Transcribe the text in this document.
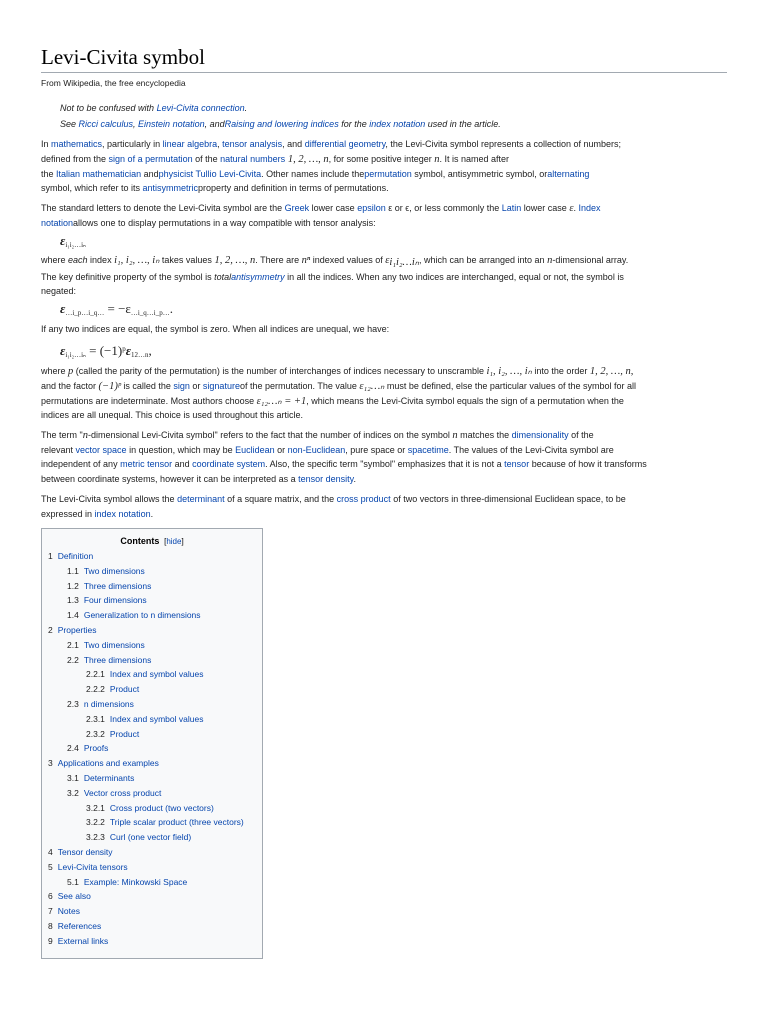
Levi-Civita symbol
From Wikipedia, the free encyclopedia
Not to be confused with Levi-Civita connection.
See Ricci calculus, Einstein notation, andRaising and lowering indices for the index notation used in the article.
In mathematics, particularly in linear algebra, tensor analysis, and differential geometry, the Levi-Civita symbol represents a collection of numbers;
defined from the sign of a permutation of the natural numbers 1, 2, …, n, for some positive integer n. It is named after
the Italian mathematician andphysicist Tullio Levi-Civita. Other names include thepermutation symbol, antisymmetric symbol, oralternating
symbol, which refer to its antisymmetricproperty and definition in terms of permutations.
The standard letters to denote the Levi-Civita symbol are the Greek lower case epsilon ε or ϵ, or less commonly the Latin lower case ε. Index
notationallows one to display permutations in a way compatible with tensor analysis:
$\varepsilon_{i_1i_2\dots i_n}$
where each index i₁, i₂, …, iₙ takes values 1, 2, …, n. There are nⁿ indexed values of $\varepsilon_{i_1i_2\dots i_n}$, which can be arranged into an n-dimensional array.
The key definitive property of the symbol is totalantisymmetry in all the indices. When any two indices are interchanged, equal or not, the symbol is
negated:
$\varepsilon_{\dots i\_p\dots i\_q\dots} = -\varepsilon_{\dots i\_q\dots i\_p\dots}$.
If any two indices are equal, the symbol is zero. When all indices are unequal, we have:
$\varepsilon_{i_1i_2\dots i_n} = (-1)^p\varepsilon_{12\dots n}$,
where p (called the parity of the permutation) is the number of interchanges of indices necessary to unscramble i₁, i₂, …, iₙ into the order 1, 2, …, n,
and the factor (−1)ᵖ is called the sign or signatureof the permutation. The value ε₁₂…ₙ must be defined, else the particular values of the symbol for all
permutations are indeterminate. Most authors choose ε₁₂…ₙ = +1, which means the Levi-Civita symbol equals the sign of a permutation when the
indices are all unequal. This choice is used throughout this article.
The term "n-dimensional Levi-Civita symbol" refers to the fact that the number of indices on the symbol n matches the dimensionality of the
relevant vector space in question, which may be Euclidean or non-Euclidean, pure space or spacetime. The values of the Levi-Civita symbol are
independent of any metric tensor and coordinate system. Also, the specific term "symbol" emphasizes that it is not a tensor because of how it transforms
between coordinate systems, however it can be interpreted as a tensor density.
The Levi-Civita symbol allows the determinant of a square matrix, and the cross product of two vectors in three-dimensional Euclidean space, to be
expressed in index notation.
Contents [hide]
1 Definition
1.1 Two dimensions
1.2 Three dimensions
1.3 Four dimensions
1.4 Generalization to n dimensions
2 Properties
2.1 Two dimensions
2.2 Three dimensions
2.2.1 Index and symbol values
2.2.2 Product
2.3 n dimensions
2.3.1 Index and symbol values
2.3.2 Product
2.4 Proofs
3 Applications and examples
3.1 Determinants
3.2 Vector cross product
3.2.1 Cross product (two vectors)
3.2.2 Triple scalar product (three vectors)
3.2.3 Curl (one vector field)
4 Tensor density
5 Levi-Civita tensors
5.1 Example: Minkowski Space
6 See also
7 Notes
8 References
9 External links
